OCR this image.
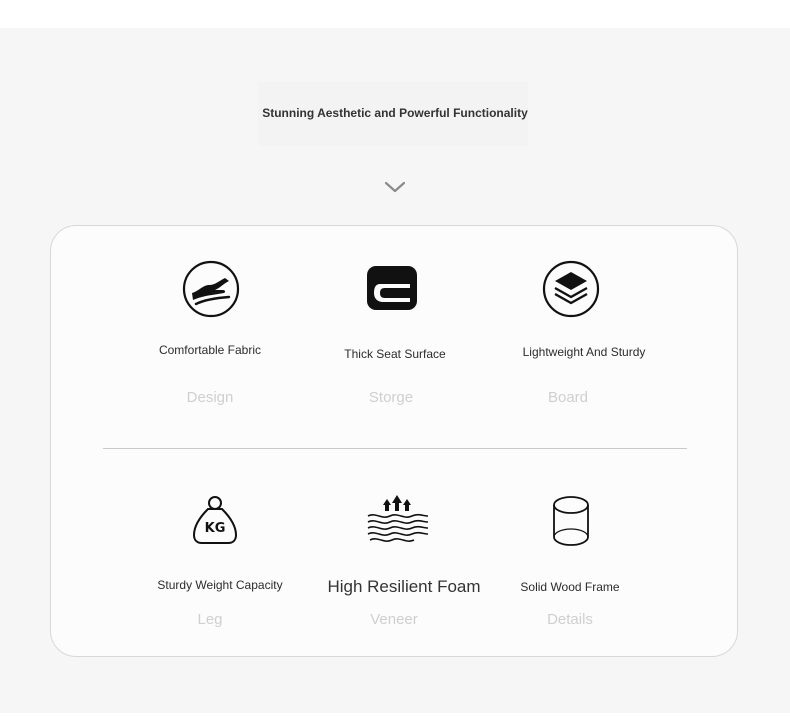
Stunning Aesthetic and Powerful Functionality
Comfortable Fabric
Design
Thick Seat Surface
Storge
Lightweight And Sturdy
Board
KG
Sturdy Weight Capacity
Leg
High Resilient Foam
Veneer
Solid Wood Frame
Details
